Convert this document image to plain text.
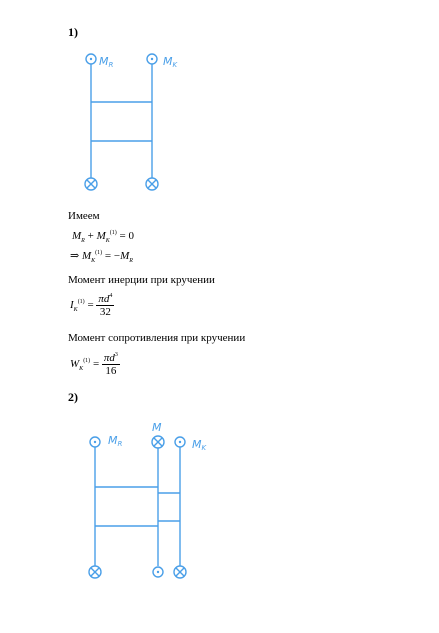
1)
MR	MK
Имеем
$M_R + M_K^{(1)} = 0$
⇒ $M_K^{(1)} = -M_R$
Момент инерции при кручении
$I_K^{(1)} = \frac{\pi d^4}{32}$
Момент сопротивления при кручении
$W_K^{(1)} = \frac{\pi d^3}{16}$
2)
MR
M
MK
